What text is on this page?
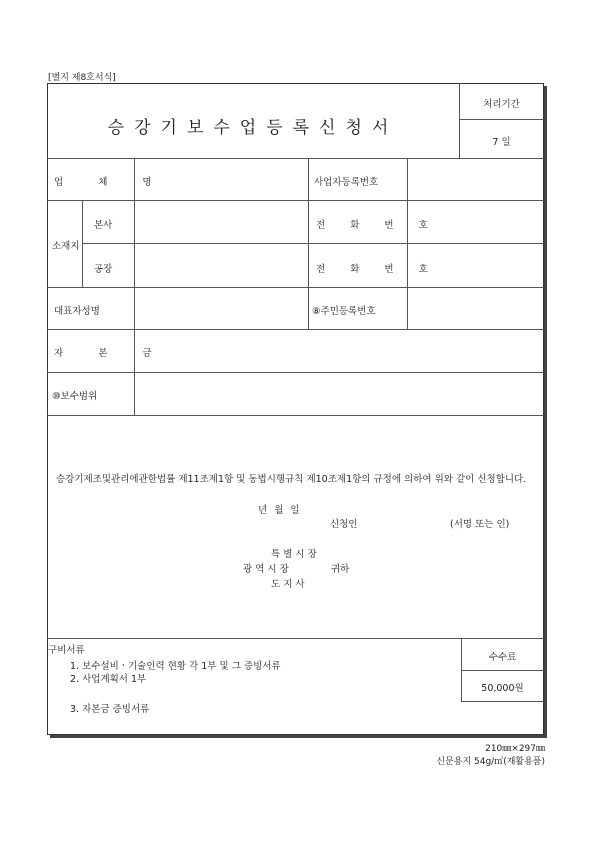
[별지 제8호서식]
승강기보수업등록신청서
처리기간
7 일
업 체 명	사업자등록번호
소재지
본사	전 화 번 호
공장	전 화 번 호
대표자성명	⑧주민등록번호
자 본 금
⑩보수범위
승강기제조및관리에관한법률 제11조제1항 및 동법시행규칙 제10조제1항의 규정에 의하여 위와 같이 신청합니다.
년 월 일
신청인	(서명 또는 인)
특 별 시 장
광 역 시 장	귀하
도 지 사
구비서류
1. 보수설비ㆍ기술인력 현황 각 1부 및 그 증빙서류
2. 사업계획서 1부
3. 자본금 증빙서류
수수료
50,000원
210㎜×297㎜
신문용지 54g/㎡(재활용품)
